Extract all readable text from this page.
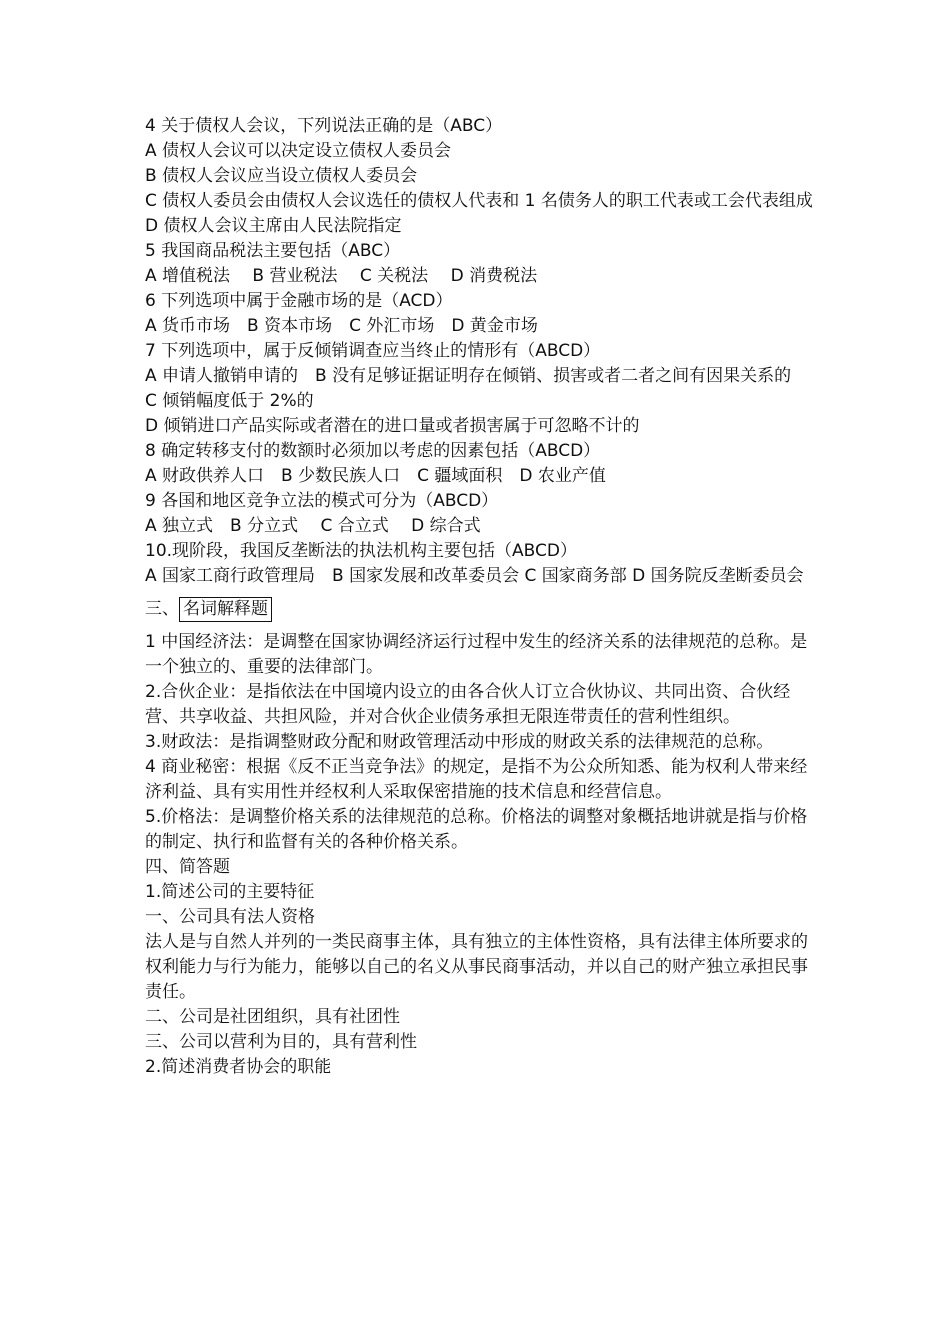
4 关于债权人会议，下列说法正确的是（ABC）
A 债权人会议可以决定设立债权人委员会
B 债权人会议应当设立债权人委员会
C 债权人委员会由债权人会议选任的债权人代表和 1 名债务人的职工代表或工会代表组成
D 债权人会议主席由人民法院指定
5 我国商品税法主要包括（ABC）
A 增值税法　 B 营业税法　 C 关税法　 D 消费税法
6 下列选项中属于金融市场的是（ACD）
A 货币市场　B 资本市场　C 外汇市场　D 黄金市场
7 下列选项中，属于反倾销调查应当终止的情形有（ABCD）
A 申请人撤销申请的　B 没有足够证据证明存在倾销、损害或者二者之间有因果关系的
C 倾销幅度低于 2%的
D 倾销进口产品实际或者潜在的进口量或者损害属于可忽略不计的
8 确定转移支付的数额时必须加以考虑的因素包括（ABCD）
A 财政供养人口　B 少数民族人口　C 疆域面积　D 农业产值
9 各国和地区竞争立法的模式可分为（ABCD）
A 独立式　B 分立式　 C 合立式　 D 综合式
10.现阶段，我国反垄断法的执法机构主要包括（ABCD）
A 国家工商行政管理局　B 国家发展和改革委员会 C 国家商务部 D 国务院反垄断委员会
三、 名词解释题
1 中国经济法：是调整在国家协调经济运行过程中发生的经济关系的法律规范的总称。是一个独立的、重要的法律部门。
2.合伙企业：是指依法在中国境内设立的由各合伙人订立合伙协议、共同出资、合伙经营、共享收益、共担风险，并对合伙企业债务承担无限连带责任的营利性组织。
3.财政法：是指调整财政分配和财政管理活动中形成的财政关系的法律规范的总称。
4 商业秘密：根据《反不正当竞争法》的规定，是指不为公众所知悉、能为权利人带来经济利益、具有实用性并经权利人采取保密措施的技术信息和经营信息。
5.价格法：是调整价格关系的法律规范的总称。价格法的调整对象概括地讲就是指与价格的制定、执行和监督有关的各种价格关系。
四、简答题
1.简述公司的主要特征
一、公司具有法人资格
法人是与自然人并列的一类民商事主体，具有独立的主体性资格，具有法律主体所要求的权利能力与行为能力，能够以自己的名义从事民商事活动，并以自己的财产独立承担民事责任。
二、公司是社团组织，具有社团性
三、公司以营利为目的，具有营利性
2.简述消费者协会的职能
